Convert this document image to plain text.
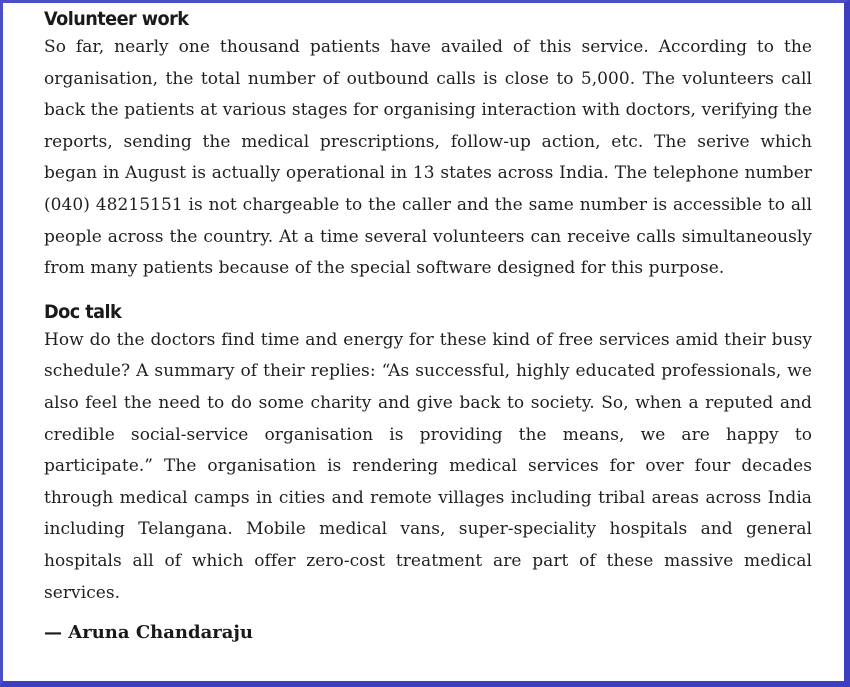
Volunteer work

So far, nearly one thousand patients have availed of this service. According to the organisation, the total number of outbound calls is close to 5,000. The volunteers call back the patients at various stages for organising interaction with doctors, verifying the reports, sending the medical prescriptions, follow-up action, etc. The serive which began in August is actually operational in 13 states across India. The telephone number (040) 48215151 is not chargeable to the caller and the same number is accessible to all people across the country. At a time several volunteers can receive calls simultaneously from many patients because of the special software designed for this purpose.

Doc talk

How do the doctors find time and energy for these kind of free services amid their busy schedule? A summary of their replies: “As successful, highly educated professionals, we also feel the need to do some charity and give back to society. So, when a reputed and credible social-service organisation is providing the means, we are happy to participate.” The organisation is rendering medical services for over four decades through medical camps in cities and remote villages including tribal areas across India including Telangana. Mobile medical vans, super-speciality hospitals and general hospitals all of which offer zero-cost treatment are part of these massive medical services.

— Aruna Chandaraju
